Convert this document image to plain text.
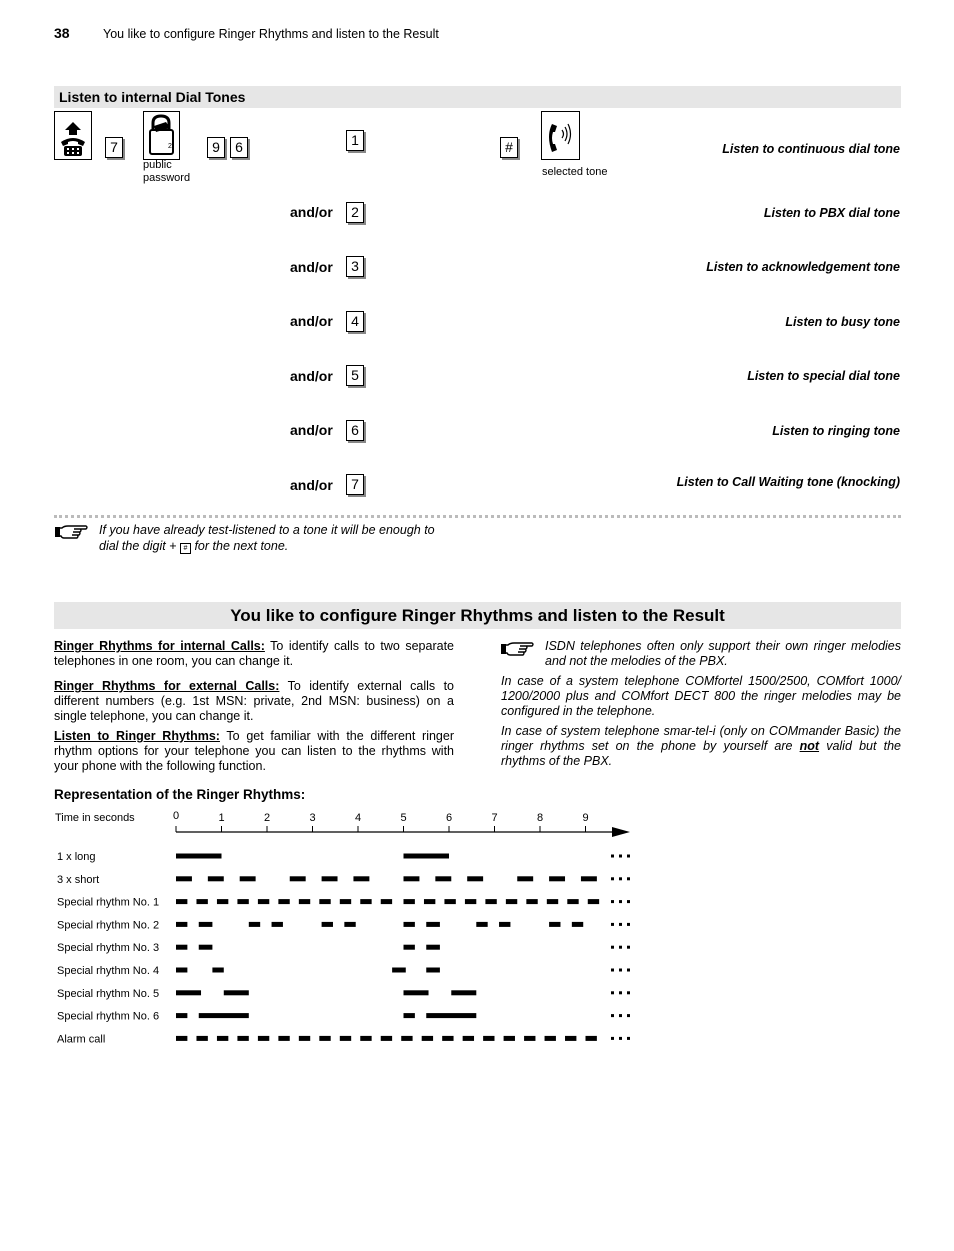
38	You like to configure Ringer Rhythms and listen to the Result
Listen to internal Dial Tones
7	2
public
password
9	6	1	#
selected tone
Listen to continuous dial tone
and/or	2	Listen to PBX dial tone
and/or	3	Listen to acknowledgement tone
and/or	4	Listen to busy tone
and/or	5	Listen to special dial tone
and/or	6	Listen to ringing tone
and/or	7	Listen to Call Waiting tone (knocking)
If you have already test-listened to a tone it will be enough to dial the digit + # for the next tone.
You like to configure Ringer Rhythms and listen to the Result
Ringer Rhythms for internal Calls: To identify calls to two separate telephones in one room, you can change it.
Ringer Rhythms for external Calls: To identify external calls to different numbers (e.g. 1st MSN: private, 2nd MSN: business) on a single telephone, you can change it.
Listen to Ringer Rhythms: To get familiar with the different ringer rhythm options for your telephone you can listen to the rhythms with your phone with the following function.
ISDN telephones often only support their own ringer melodies and not the melodies of the PBX.
In case of a system telephone COMfortel 1500/2500, COMfort 1000/ 1200/2000 plus and COMfort DECT 800 the ringer melodies may be configured in the telephone.
In case of system telephone smar-tel-i (only on COMmander Basic) the ringer rhythms set on the phone by yourself are not valid but the rhythms of the PBX.
Representation of the Ringer Rhythms:
Time in seconds	0	1	2	3	4	5	6	7	8	9
1 x long
3 x short
Special rhythm No. 1
Special rhythm No. 2
Special rhythm No. 3
Special rhythm No. 4
Special rhythm No. 5
Special rhythm No. 6
Alarm call
